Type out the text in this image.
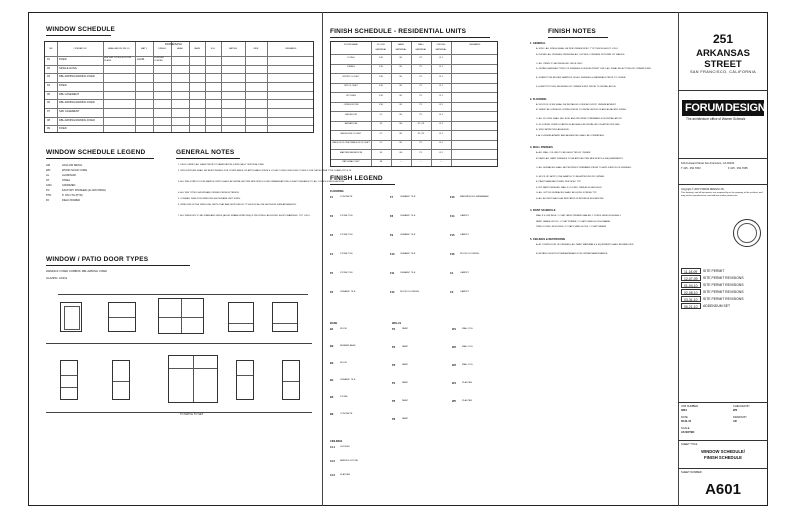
WINDOW SCHEDULE
FRAME/SASH
MK	OPERATION	HEAD ABOVE FIN. FL	MAT'L	FINISH	HEAD	JAMB	SILL	RATING	MFR	REMARKS
01	FIXED	SEE WIN TYPES & FLOOR PLANS	ALUM.	POWDER COATED
02	SINGLE HUNG
03	DBL AWNING/AWNING FIXED
04	FIXED
05	DBL CASEMENT
06	DBL AWNING/AWNING FIXED
07	SDF CASEMENT
08	DBL AWNING/AWNING FIXED
09	FIXED
WINDOW SCHEDULE LEGEND
HM	HOLLOW METAL
WD	WOOD SOLID CORE
AL	ALUMINUM
ST	STEEL
ANO	ANODIZED
PC	FACTORY FINISHED (ALUM FINISH)
PTD	P. ON CTG (PTD)
FF	FIELD ROWED
GENERAL NOTES
1. FIELD VERIFY ALL SASH PRIOR TO FABRICATION, ESPECIALLY VERTICAL DIMS.
2. WIN SUPPLIER SHALL BE RESPONSIBLE FOR COMPLIANCE OF APPLICABLE STATE & LOCAL CODES, BUILDING CODES & THE CALIFORNIA TITLE 24 AND TITLE 16.
3. ALL WIN & PATIO DOOR SAMPLE UNITS SHALL BE INSTALLED PER MFR SPECS & RECOMMENDATIONS & IN ACCORDANCE TO ALL CODES & REGULATIONS.
4. ALL WIN TYPES SHOWN ARE VIEWED FROM EXTERIOR.
5. OVERALL DIMS FOR WINDOWS SHOWN ARE UNIT SIZES.
6. WINDOWS IN THE DWELLING UNITS THAT ARE SUPPLIED BY IT SHOULD ALL BE SHOWN IN SIMILAR FASHION.
7. ALL WINDOWS TO BE STANDARD SIZES (ALUM. FRAME WINDOWS) IF PROVIDED, ADJUSTED SHOP DRAWINGS. TYP. U.N.O.
WINDOW / PATIO DOOR TYPES
AWNINGS / FIXED COMBOS: DBL AWNING, FIXED
GLAZING: LOW E
TO MATCH TO SET
FINISH SCHEDULE - RESIDENTIAL UNITS
ROOM NAME	FLOOR	BASE	WALL	CEILING	REMARKS
MATERIAL	MATERIAL	MATERIAL	MATERIAL
LIVING	F16	B1	P1	CL1
DINING	F16	B1	P1	CL1
ENTRY CLOSET	F16	B1	P1	CL1
W/D CLOSET	F16	B1	P1	CL1
KITCHEN	F16	B1	P1	CL1
LIVING ROOM	F16	B1	P1	CL1
BEDROOM	C1	B1	P1	CL1
BATHROOM	F5	B4	P1, P4	CL2
BEDROOM CLOSET	C1	B1	P1, P3	CL1
WALK-IN CLOSET/WALK-IN CLOSET	C1	B1	P1	CL1
MASTER BATHROOM	F5	B4	P1	CL2
PATIO/BALCONY	F8	--	--	--
FINISH LEGEND
FLOORING
F1	CONCRETE
F2	STONE TILE
F3	STONE TILE
F4	STONE TILE
F5	STONE TILE
F6	CERAMIC TILE
F7	CERAMIC TILE
F8	CERAMIC TILE
F9	CERAMIC TILE
F10	CERAMIC TILE
F11	CERAMIC TILE
F12	WOOD FLOORING
F13	WATERPROOF MEMBRANE
F14	CARPET
F15	CARPET
F16	WOOD FLOORING
C1	CARPET
C2	CARPET
BASE
B1	WOOD
B2	RUBBER BASE
B3	WOOD
B4	CERAMIC TILE
B5	STONE
B6	CONCRETE
WALLS
P1	PAINT
P2	PAINT
P3	PAINT
P4	PAINT
P5	PAINT
P6	PAINT
W1	WALLCVG
W2	WALLCVG
W3	WALLCVG
W4	PLASTER
W5	PLASTER
CEILINGS
CL1 GYPSUM
CL2 PAINTED GYP BD
CL3 PLASTER
FINISH NOTES
1. GENERAL
A. SPEC. ALL FINISH SHALL BE PER OWNER SPEC. TYP. THROUGHOUT, U.N.O.
B. INSTALL ALL FINISHES UNDER AS ALL OUTSIDE CORNERS WITH MIN 1/4" RADIUS.
C. ALL ITEMS TO BE INSTALLED ONCE ONLY.
D. DETAILS ANSWER TYPES OF FINISHES & DESIGN INTENT ONLY. ALL FINAL SELECTIONS BY OWNER'S REP.
E. SUBMIT FOR REVIEW SAMPLES OF ALL FINISHES & MATERIALS PRIOR TO ORDER.
F. SUBSTITUTIONS: REVIEWED BY OWNER'S REP. PRIOR TO INSTALLATION.
2. FLOORING
A. WOOD FLOORS SHALL BE INSTALLED OVER ACOUSTIC UNDERLAYMENT.
B. VERIFY ALL FINISH FLOORING PRIOR TO INSTALLATION OF ANY ADJACENT FINISH.
C. ALL FLOORS SHALL BE LEVEL AND PROPERLY PREPARED FOR INSTALLATION.
D. FLOORING OVER FLOATING SLAB SHALL BE INSTALLED ON APPROVED PAD.
E. SPEC APPROVED ADHESIVE.
F. ALL UNDERLAYMENT AND ADHESIVES SHALL BE COMPATIBLE.
3. WALL FINISHES
A. ALL WALL COLORS TO BE SELECTED BY OWNER.
B. PAINT: ALL PAINT FINISHES TO BE APPLIED PER MFR SPECS & REQUIREMENTS.
C. ALL SURFACES SHALL BE PROPERLY PREPARED PRIOR TO APPLICATION OF FINISHES.
D. MOCK UP: APPLY ONE SAMPLE TO BE APPROVED BY OWNER.
E. PAINT MANUFACTURER: PER SPEC TYP.
F. INT. PAINT FINISHES: WALLS, DOORS, TRIM AS SCHEDULED.
G. ALL GYP BD SURFACES SHALL BE LEVEL 4 FINISH TYP.
H. ALL ACCENT WALLS AS INDICATED IN INTERIOR ELEVATIONS.
4. PAINT SCHEDULE
WALLS & CEILINGS: 1 COAT LATEX PRIMER SEALER, 2 COATS LATEX EGGSHELL
PAINT GRADE WOOD: 1 COAT PRIMER, 2 COATS SEMI-GLOSS ENAMEL
TRIM, DOORS, MOLDINGS: 2 COATS SEMI-GLOSS, 1 COAT PRIMER
5. CEILINGS & RESTROOMS
A. AT COMPLETION OF FINISHES, ALL PAINT MATERIALS & EQUIPMENT SHALL BE REMOVED.
B. RETAIN ON-SITE EXTRA MATERIALS FOR OWNER MAINTENANCE.
251
ARKANSAS STREET
SAN FRANCISCO, CALIFORNIA
FORUM DESIGN
The architecture office of Warner Schmalz
1014 Howard Street San Francisco, CA 94103
T 415 . 252.7063	F 415 . 252.7065
Copyright © 2007 FORUM DESIGN LTD.
This drawing, and all documents are prepared by or the property of the architect and may not be reproduced or used without written permission.
11-18-09 SITE PERMIT
12-07-09 SITE PERMIT REVISIONS
01-04-10 SITE PERMIT REVISIONS
02-08-10 SITE PERMIT REVISIONS
03-31-10 SITE PERMIT REVISIONS
06-21-10 ADDENDUM SET
JOB NUMBER
0804
CHECKED BY
WS
DATE
06.21.10
DRAWN BY
AD
SCALE
AS NOTED
SHEET TITLE
WINDOW SCHEDULE/
FINISH SCHEDULE
SHEET NUMBER
A601
